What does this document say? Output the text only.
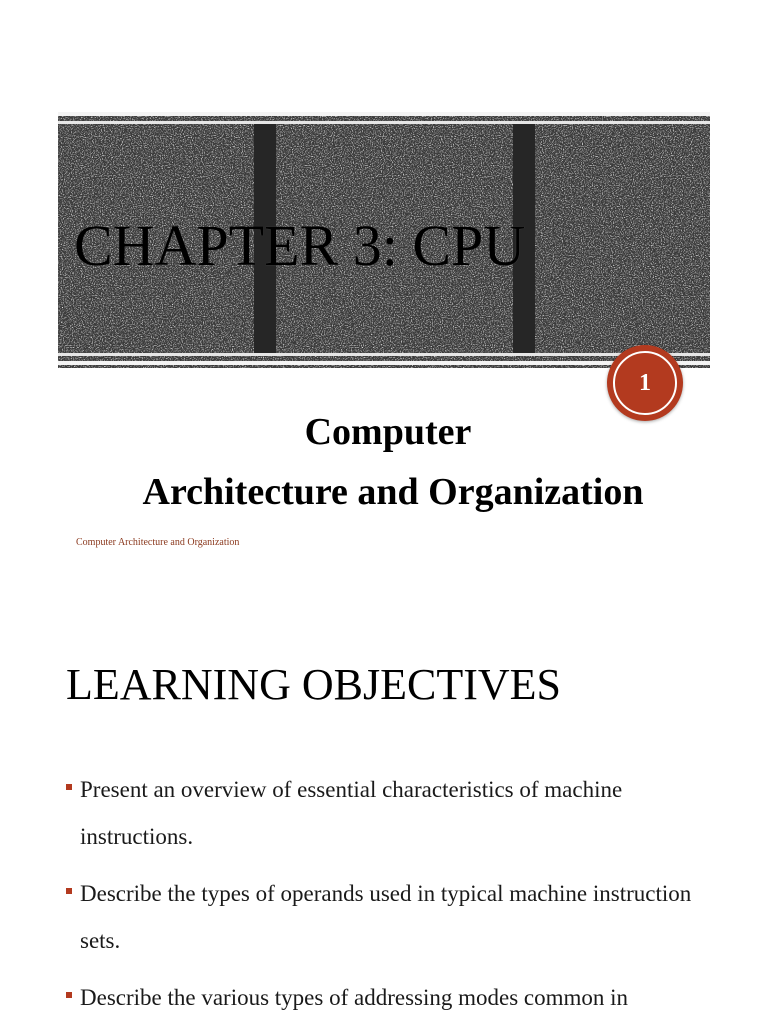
CHAPTER 3: CPU
1
Computer
Architecture and Organization
Computer Architecture and Organization
LEARNING OBJECTIVES
Present an overview of essential characteristics of machine instructions.
Describe the types of operands used in typical machine instruction sets.
Describe the various types of addressing modes common in
